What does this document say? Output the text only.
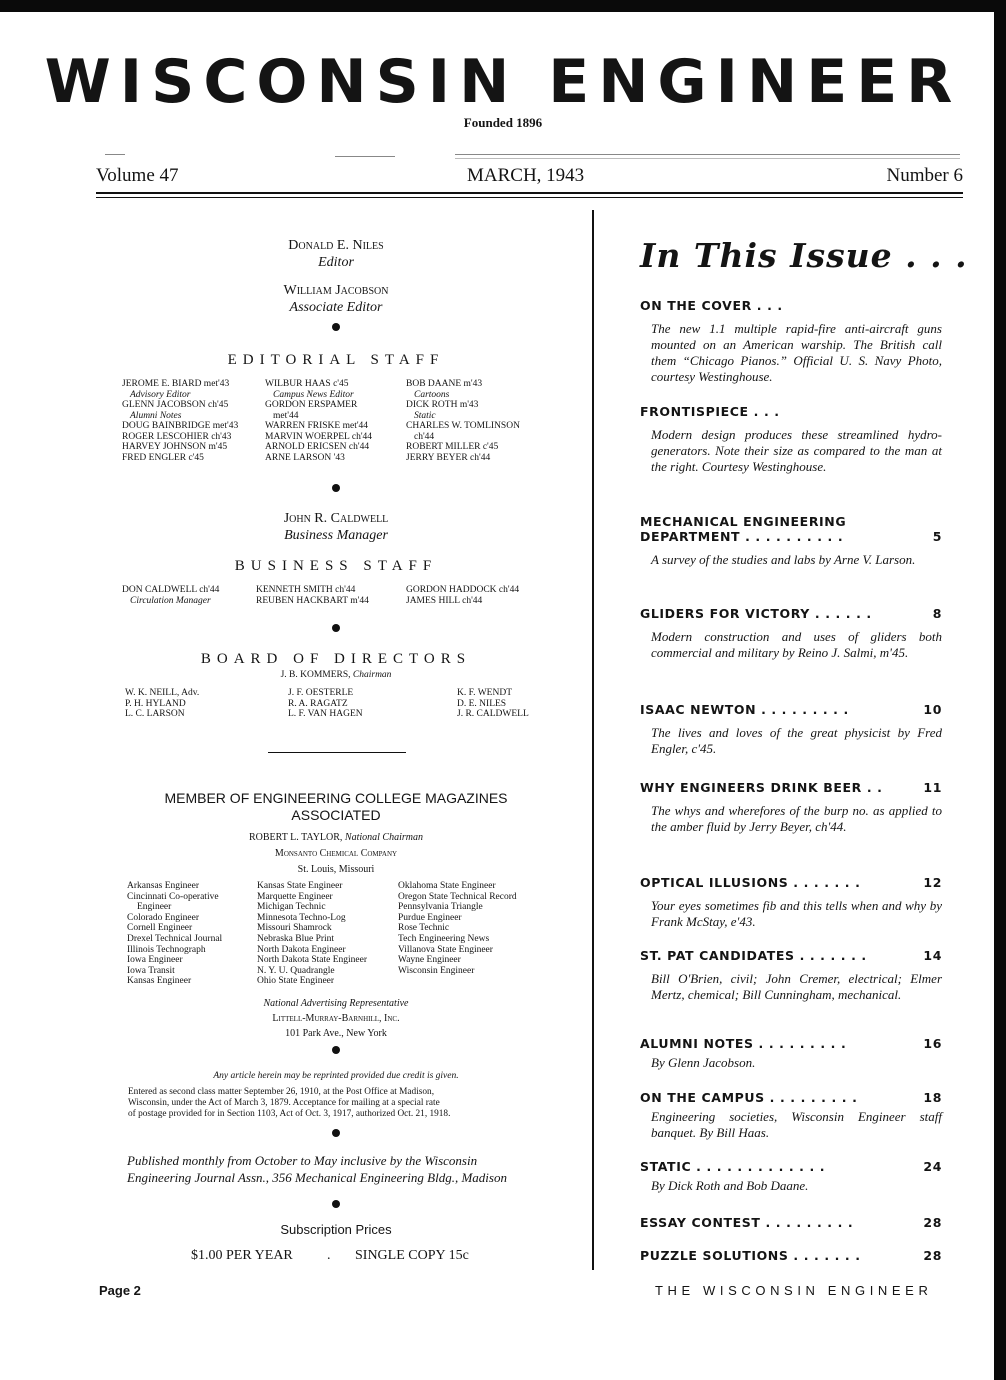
WISCONSIN ENGINEER
Founded 1896
Volume 47	MARCH, 1943	Number 6
Donald E. Niles
Editor
William Jacobson
Associate Editor
EDITORIAL STAFF
JEROME E. BIARD met'43
Advisory Editor
GLENN JACOBSON ch'45
Alumni Notes
DOUG BAINBRIDGE met'43
ROGER LESCOHIER ch'43
HARVEY JOHNSON m'45
FRED ENGLER c'45
WILBUR HAAS c'45
Campus News Editor
GORDON ERSPAMER
met'44
WARREN FRISKE met'44
MARVIN WOERPEL ch'44
ARNOLD ERICSEN ch'44
ARNE LARSON '43
BOB DAANE m'43
Cartoons
DICK ROTH m'43
Static
CHARLES W. TOMLINSON
ch'44
ROBERT MILLER c'45
JERRY BEYER ch'44
John R. Caldwell
Business Manager
BUSINESS STAFF
DON CALDWELL ch'44
Circulation Manager
KENNETH SMITH ch'44
REUBEN HACKBART m'44
GORDON HADDOCK ch'44
JAMES HILL ch'44
BOARD OF DIRECTORS
J. B. KOMMERS, Chairman
W. K. NEILL, Adv.
P. H. HYLAND
L. C. LARSON
J. F. OESTERLE
R. A. RAGATZ
L. F. VAN HAGEN
K. F. WENDT
D. E. NILES
J. R. CALDWELL
MEMBER OF ENGINEERING COLLEGE MAGAZINES
ASSOCIATED
ROBERT L. TAYLOR, National Chairman
Monsanto Chemical Company
St. Louis, Missouri
Arkansas Engineer
Cincinnati Co-operative
Engineer
Colorado Engineer
Cornell Engineer
Drexel Technical Journal
Illinois Technograph
Iowa Engineer
Iowa Transit
Kansas Engineer
Kansas State Engineer
Marquette Engineer
Michigan Technic
Minnesota Techno-Log
Missouri Shamrock
Nebraska Blue Print
North Dakota Engineer
North Dakota State Engineer
N. Y. U. Quadrangle
Ohio State Engineer
Oklahoma State Engineer
Oregon State Technical Record
Pennsylvania Triangle
Purdue Engineer
Rose Technic
Tech Engineering News
Villanova State Engineer
Wayne Engineer
Wisconsin Engineer
National Advertising Representative
Littell-Murray-Barnhill, Inc.
101 Park Ave., New York
Any article herein may be reprinted provided due credit is given.
Entered as second class matter September 26, 1910, at the Post Office at Madison,
Wisconsin, under the Act of March 3, 1879. Acceptance for mailing at a special rate
of postage provided for in Section 1103, Act of Oct. 3, 1917, authorized Oct. 21, 1918.
Published monthly from October to May inclusive by the Wisconsin
Engineering Journal Assn., 356 Mechanical Engineering Bldg., Madison
Subscription Prices
$1.00 PER YEAR . SINGLE COPY 15c
In This Issue . . .
ON THE COVER . . .
The new 1.1 multiple rapid-fire anti-aircraft guns mounted on an American warship. The British call them “Chicago Pianos.” Official U. S. Navy Photo, courtesy Westinghouse.
FRONTISPIECE . . .
Modern design produces these streamlined hydro-generators. Note their size as compared to the man at the right. Courtesy Westinghouse.
MECHANICAL ENGINEERING
DEPARTMENT . . . . . . . . . .	5
A survey of the studies and labs by Arne V. Larson.
GLIDERS FOR VICTORY . . . . . .	8
Modern construction and uses of gliders both commercial and military by Reino J. Salmi, m'45.
ISAAC NEWTON . . . . . . . . .	10
The lives and loves of the great physicist by Fred Engler, c'45.
WHY ENGINEERS DRINK BEER . .	11
The whys and wherefores of the burp no. as applied to the amber fluid by Jerry Beyer, ch'44.
OPTICAL ILLUSIONS . . . . . . .	12
Your eyes sometimes fib and this tells when and why by Frank McStay, e'43.
ST. PAT CANDIDATES . . . . . . .	14
Bill O'Brien, civil; John Cremer, electrical; Elmer Mertz, chemical; Bill Cunningham, mechanical.
ALUMNI NOTES . . . . . . . . .	16
By Glenn Jacobson.
ON THE CAMPUS . . . . . . . . .	18
Engineering societies, Wisconsin Engineer staff banquet. By Bill Haas.
STATIC . . . . . . . . . . . . .	24
By Dick Roth and Bob Daane.
ESSAY CONTEST . . . . . . . . .	28
PUZZLE SOLUTIONS . . . . . . .	28
Page 2	THE WISCONSIN ENGINEER
